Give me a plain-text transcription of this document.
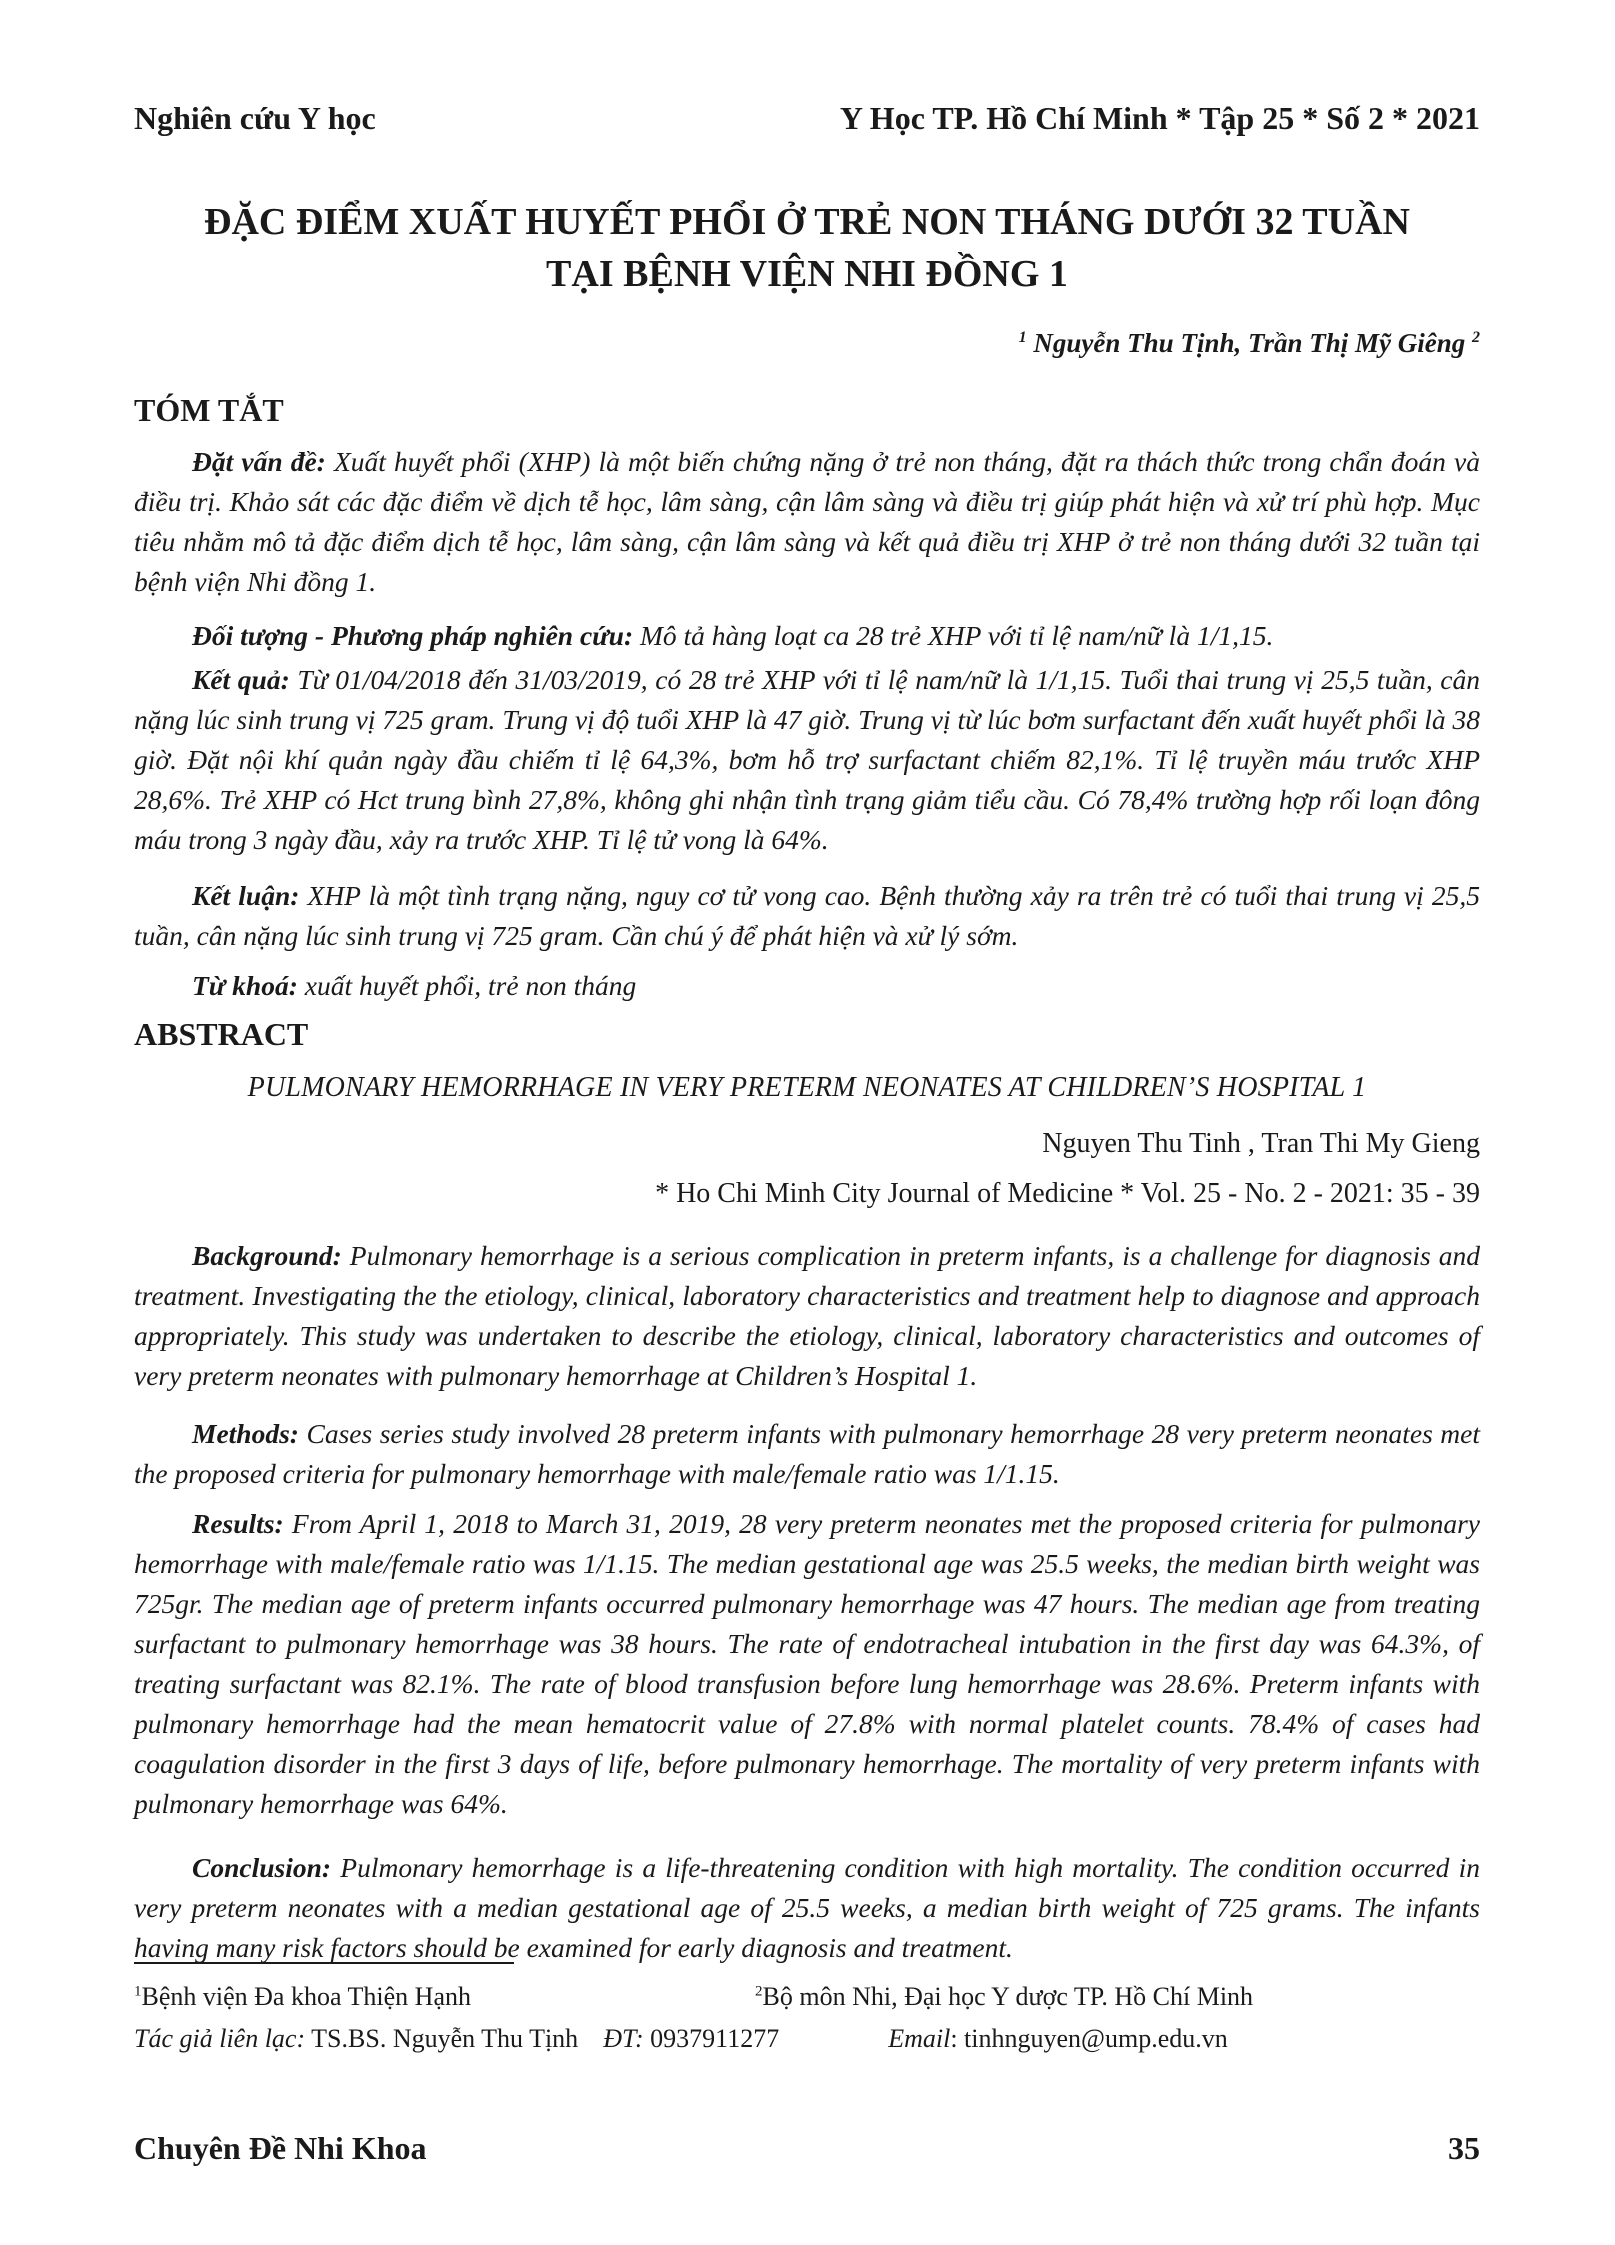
Nghiên cứu Y học	Y Học TP. Hồ Chí Minh * Tập 25 * Số 2 * 2021
ĐẶC ĐIỂM XUẤT HUYẾT PHỔI Ở TRẺ NON THÁNG DƯỚI 32 TUẦN
TẠI BỆNH VIỆN NHI ĐỒNG 1
$^1$ Nguyễn Thu Tịnh, Trần Thị Mỹ Giêng $^2$
TÓM TẮT
Đặt vấn đề: Xuất huyết phổi (XHP) là một biến chứng nặng ở trẻ non tháng, đặt ra thách thức trong chẩn đoán và điều trị. Khảo sát các đặc điểm về dịch tễ học, lâm sàng, cận lâm sàng và điều trị giúp phát hiện và xử trí phù hợp. Mục tiêu nhằm mô tả đặc điểm dịch tễ học, lâm sàng, cận lâm sàng và kết quả điều trị XHP ở trẻ non tháng dưới 32 tuần tại bệnh viện Nhi đồng 1.
Đối tượng - Phương pháp nghiên cứu: Mô tả hàng loạt ca 28 trẻ XHP với tỉ lệ nam/nữ là 1/1,15.
Kết quả: Từ 01/04/2018 đến 31/03/2019, có 28 trẻ XHP với tỉ lệ nam/nữ là 1/1,15. Tuổi thai trung vị 25,5 tuần, cân nặng lúc sinh trung vị 725 gram. Trung vị độ tuổi XHP là 47 giờ. Trung vị từ lúc bơm surfactant đến xuất huyết phổi là 38 giờ. Đặt nội khí quản ngày đầu chiếm tỉ lệ 64,3%, bơm hỗ trợ surfactant chiếm 82,1%. Tỉ lệ truyền máu trước XHP 28,6%. Trẻ XHP có Hct trung bình 27,8%, không ghi nhận tình trạng giảm tiểu cầu. Có 78,4% trường hợp rối loạn đông máu trong 3 ngày đầu, xảy ra trước XHP. Tỉ lệ tử vong là 64%.
Kết luận: XHP là một tình trạng nặng, nguy cơ tử vong cao. Bệnh thường xảy ra trên trẻ có tuổi thai trung vị 25,5 tuần, cân nặng lúc sinh trung vị 725 gram. Cần chú ý để phát hiện và xử lý sớm.
Từ khoá: xuất huyết phổi, trẻ non tháng
ABSTRACT
PULMONARY HEMORRHAGE IN VERY PRETERM NEONATES AT CHILDREN’S HOSPITAL 1
Nguyen Thu Tinh , Tran Thi My Gieng
* Ho Chi Minh City Journal of Medicine * Vol. 25 - No. 2 - 2021: 35 - 39
Background: Pulmonary hemorrhage is a serious complication in preterm infants, is a challenge for diagnosis and treatment. Investigating the the etiology, clinical, laboratory characteristics and treatment help to diagnose and approach appropriately. This study was undertaken to describe the etiology, clinical, laboratory characteristics and outcomes of very preterm neonates with pulmonary hemorrhage at Children’s Hospital 1.
Methods: Cases series study involved 28 preterm infants with pulmonary hemorrhage 28 very preterm neonates met the proposed criteria for pulmonary hemorrhage with male/female ratio was 1/1.15.
Results: From April 1, 2018 to March 31, 2019, 28 very preterm neonates met the proposed criteria for pulmonary hemorrhage with male/female ratio was 1/1.15. The median gestational age was 25.5 weeks, the median birth weight was 725gr. The median age of preterm infants occurred pulmonary hemorrhage was 47 hours. The median age from treating surfactant to pulmonary hemorrhage was 38 hours. The rate of endotracheal intubation in the first day was 64.3%, of treating surfactant was 82.1%. The rate of blood transfusion before lung hemorrhage was 28.6%. Preterm infants with pulmonary hemorrhage had the mean hematocrit value of 27.8% with normal platelet counts. 78.4% of cases had coagulation disorder in the first 3 days of life, before pulmonary hemorrhage. The mortality of very preterm infants with pulmonary hemorrhage was 64%.
Conclusion: Pulmonary hemorrhage is a life-threatening condition with high mortality. The condition occurred in very preterm neonates with a median gestational age of 25.5 weeks, a median birth weight of 725 grams. The infants having many risk factors should be examined for early diagnosis and treatment.
$^1$Bệnh viện Đa khoa Thiện Hạnh	$^2$Bộ môn Nhi, Đại học Y dược TP. Hồ Chí Minh
Tác giả liên lạc: TS.BS. Nguyễn Thu Tịnh ĐT: 0937911277	Email: tinhnguyen@ump.edu.vn
Chuyên Đề Nhi Khoa	35
